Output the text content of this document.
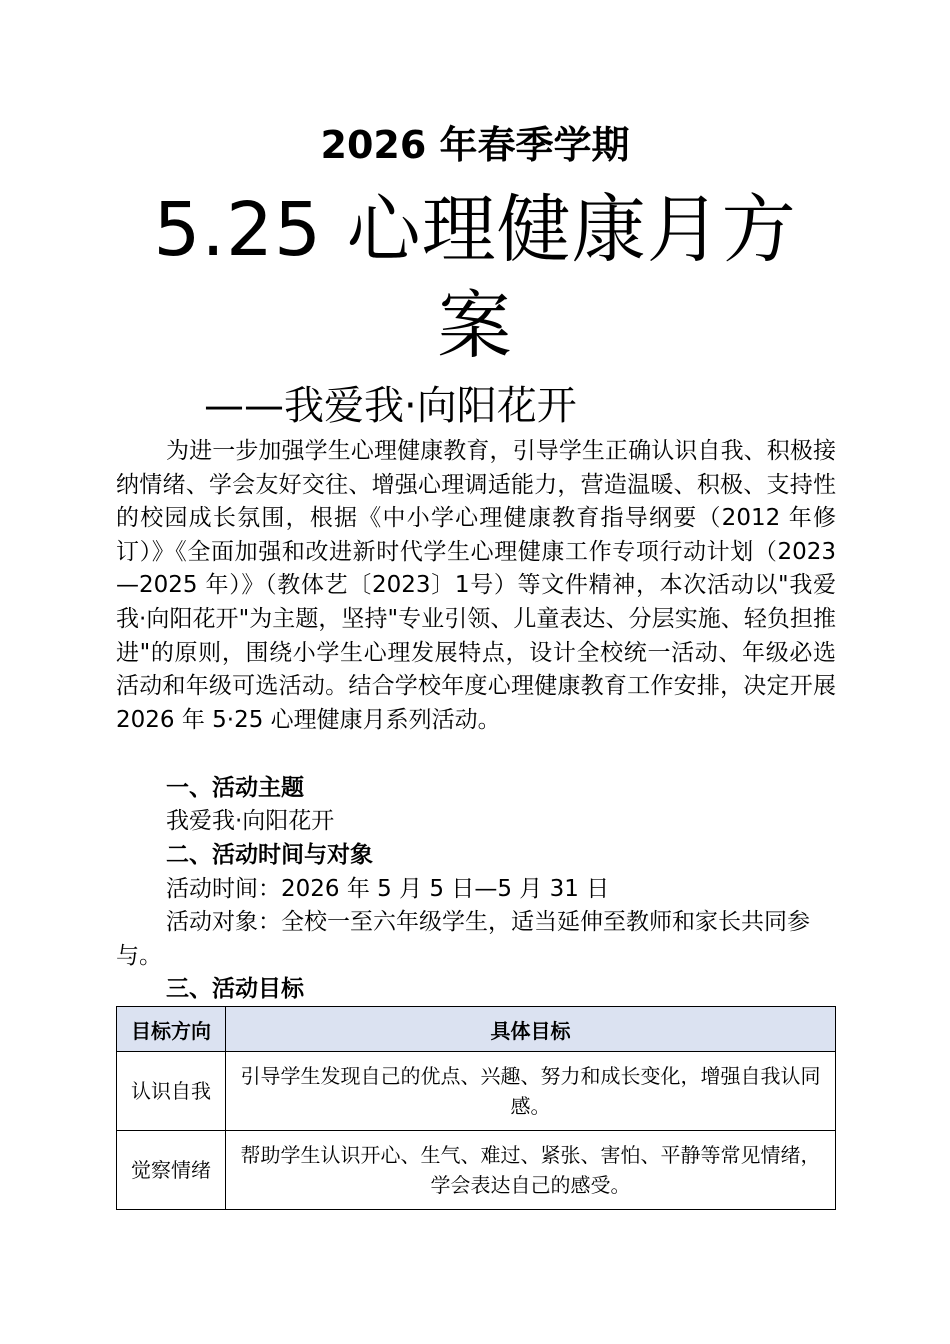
2026 年春季学期
5.25 心理健康月方案
——我爱我·向阳花开
为进一步加强学生心理健康教育，引导学生正确认识自我、积极接纳情绪、学会友好交往、增强心理调适能力，营造温暖、积极、支持性的校园成长氛围，根据《中小学心理健康教育指导纲要（2012 年修订）》《全面加强和改进新时代学生心理健康工作专项行动计划（2023—2025 年）》（教体艺〔2023〕1号）等文件精神，本次活动以"我爱我·向阳花开"为主题，坚持"专业引领、儿童表达、分层实施、轻负担推进"的原则，围绕小学生心理发展特点，设计全校统一活动、年级必选活动和年级可选活动。结合学校年度心理健康教育工作安排，决定开展2026 年 5·25 心理健康月系列活动。
一、活动主题
我爱我·向阳花开
二、活动时间与对象
活动时间：2026 年 5 月 5 日—5 月 31 日
活动对象：全校一至六年级学生，适当延伸至教师和家长共同参与。
三、活动目标
目标方向	具体目标
认识自我	引导学生发现自己的优点、兴趣、努力和成长变化，增强自我认同感。
觉察情绪	帮助学生认识开心、生气、难过、紧张、害怕、平静等常见情绪，学会表达自己的感受。
